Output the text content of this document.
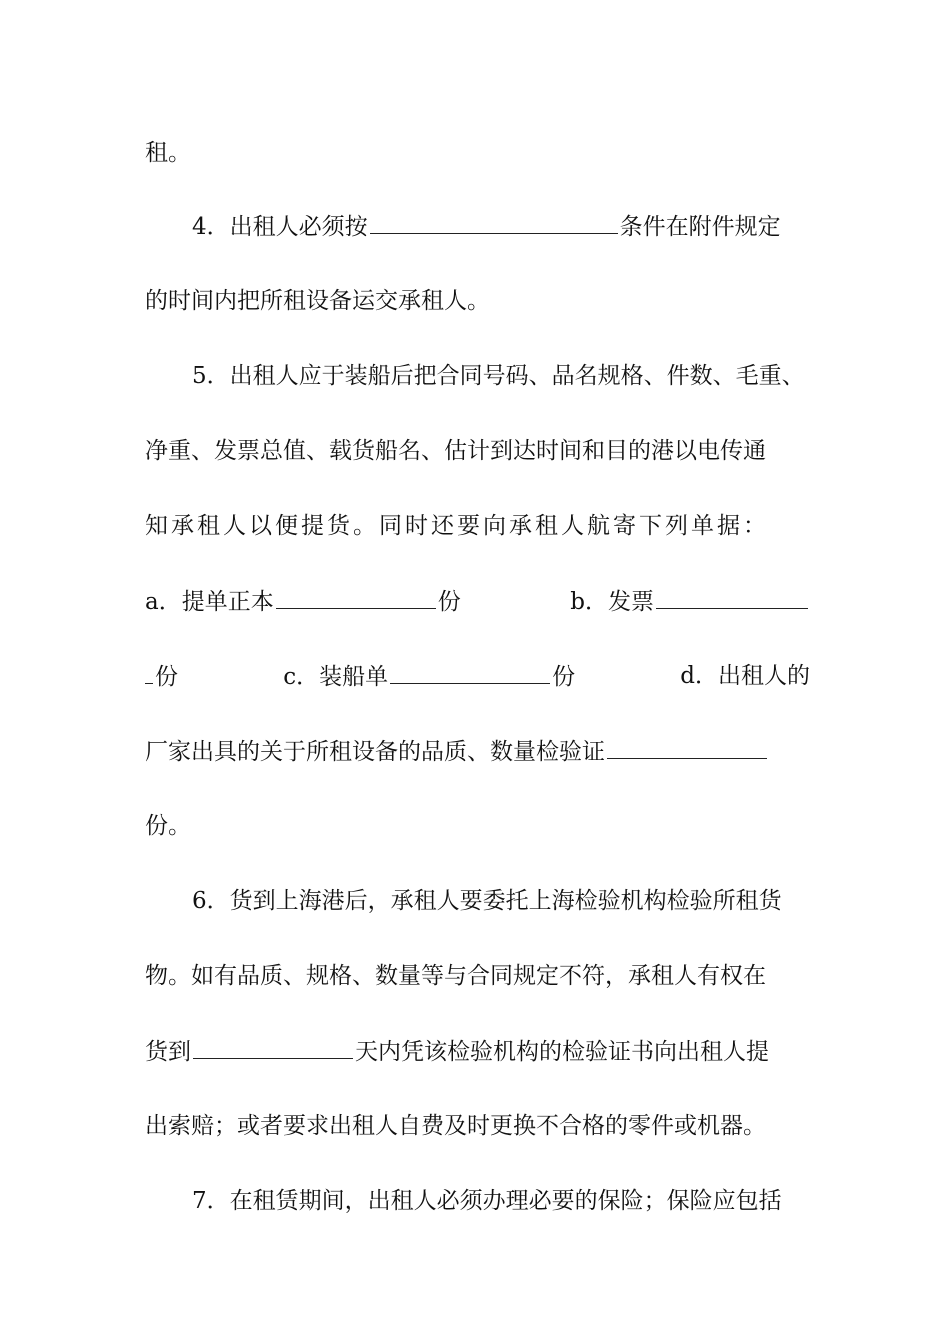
租。
4．出租人必须按	条件在附件规定
的时间内把所租设备运交承租人。
5．出租人应于装船后把合同号码、品名规格、件数、毛重、
净重、发票总值、载货船名、估计到达时间和目的港以电传通
知承租人以便提货。同时还要向承租人航寄下列单据：
a．提单正本	份	b．发票
份	c．装船单	份	d．出租人的
厂家出具的关于所租设备的品质、数量检验证
份。
6．货到上海港后，承租人要委托上海检验机构检验所租货
物。如有品质、规格、数量等与合同规定不符，承租人有权在
货到	天内凭该检验机构的检验证书向出租人提
出索赔；或者要求出租人自费及时更换不合格的零件或机器。
7．在租赁期间，出租人必须办理必要的保险；保险应包括
